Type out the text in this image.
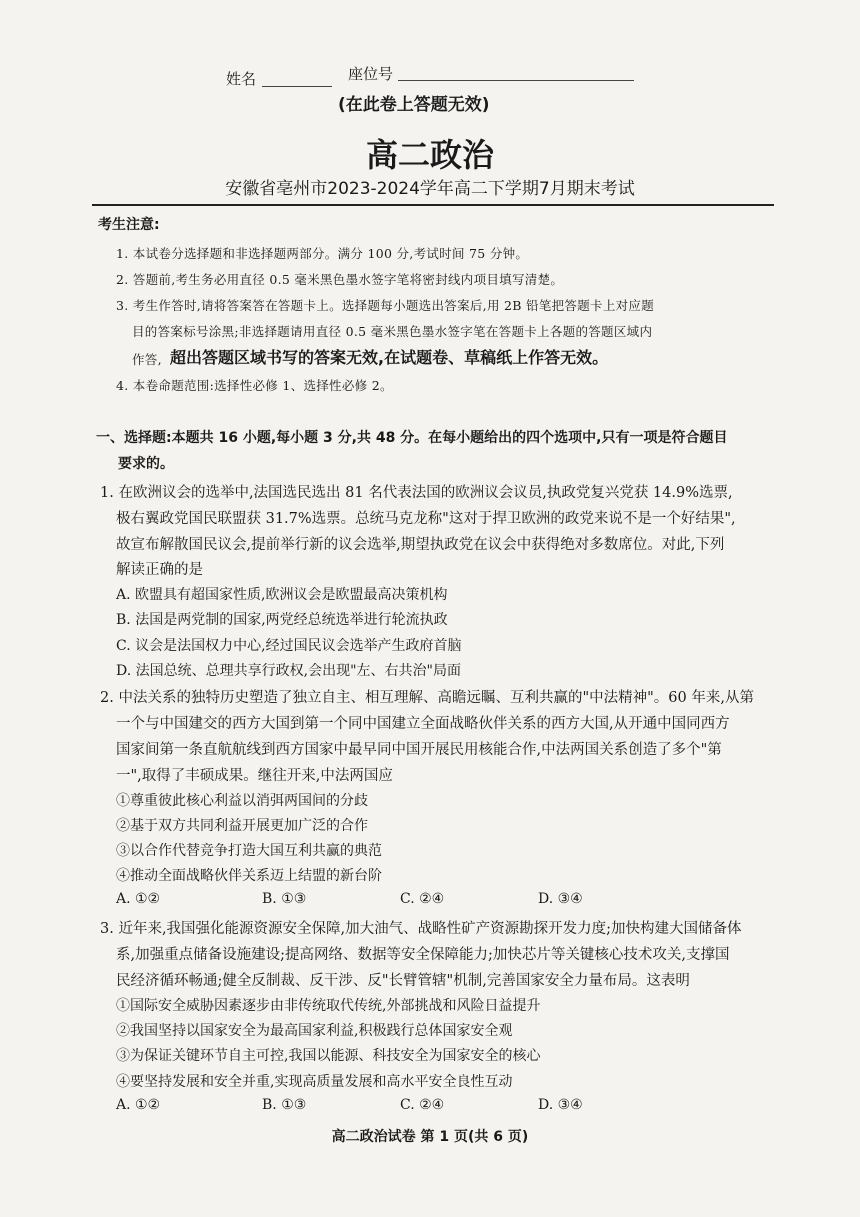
姓名	座位号
(在此卷上答题无效)
高二政治
安徽省亳州市2023-2024学年高二下学期7月期末考试
考生注意:
1. 本试卷分选择题和非选择题两部分。满分 100 分,考试时间 75 分钟。
2. 答题前,考生务必用直径 0.5 毫米黑色墨水签字笔将密封线内项目填写清楚。
3. 考生作答时,请将答案答在答题卡上。选择题每小题选出答案后,用 2B 铅笔把答题卡上对应题
目的答案标号涂黑;非选择题请用直径 0.5 毫米黑色墨水签字笔在答题卡上各题的答题区域内
作答, 超出答题区域书写的答案无效,在试题卷、草稿纸上作答无效。
4. 本卷命题范围:选择性必修 1、选择性必修 2。
一、选择题:本题共 16 小题,每小题 3 分,共 48 分。在每小题给出的四个选项中,只有一项是符合题目
要求的。
1. 在欧洲议会的选举中,法国选民选出 81 名代表法国的欧洲议会议员,执政党复兴党获 14.9%选票,
极右翼政党国民联盟获 31.7%选票。总统马克龙称"这对于捍卫欧洲的政党来说不是一个好结果",
故宣布解散国民议会,提前举行新的议会选举,期望执政党在议会中获得绝对多数席位。对此,下列
解读正确的是
A. 欧盟具有超国家性质,欧洲议会是欧盟最高决策机构
B. 法国是两党制的国家,两党经总统选举进行轮流执政
C. 议会是法国权力中心,经过国民议会选举产生政府首脑
D. 法国总统、总理共享行政权,会出现"左、右共治"局面
2. 中法关系的独特历史塑造了独立自主、相互理解、高瞻远瞩、互利共赢的"中法精神"。60 年来,从第
一个与中国建交的西方大国到第一个同中国建立全面战略伙伴关系的西方大国,从开通中国同西方
国家间第一条直航航线到西方国家中最早同中国开展民用核能合作,中法两国关系创造了多个"第
一",取得了丰硕成果。继往开来,中法两国应
①尊重彼此核心利益以消弭两国间的分歧
②基于双方共同利益开展更加广泛的合作
③以合作代替竞争打造大国互利共赢的典范
④推动全面战略伙伴关系迈上结盟的新台阶
A. ①②	B. ①③	C. ②④	D. ③④
3. 近年来,我国强化能源资源安全保障,加大油气、战略性矿产资源勘探开发力度;加快构建大国储备体
系,加强重点储备设施建设;提高网络、数据等安全保障能力;加快芯片等关键核心技术攻关,支撑国
民经济循环畅通;健全反制裁、反干涉、反"长臂管辖"机制,完善国家安全力量布局。这表明
①国际安全威胁因素逐步由非传统取代传统,外部挑战和风险日益提升
②我国坚持以国家安全为最高国家利益,积极践行总体国家安全观
③为保证关键环节自主可控,我国以能源、科技安全为国家安全的核心
④要坚持发展和安全并重,实现高质量发展和高水平安全良性互动
A. ①②	B. ①③	C. ②④	D. ③④
高二政治试卷 第 1 页(共 6 页)
